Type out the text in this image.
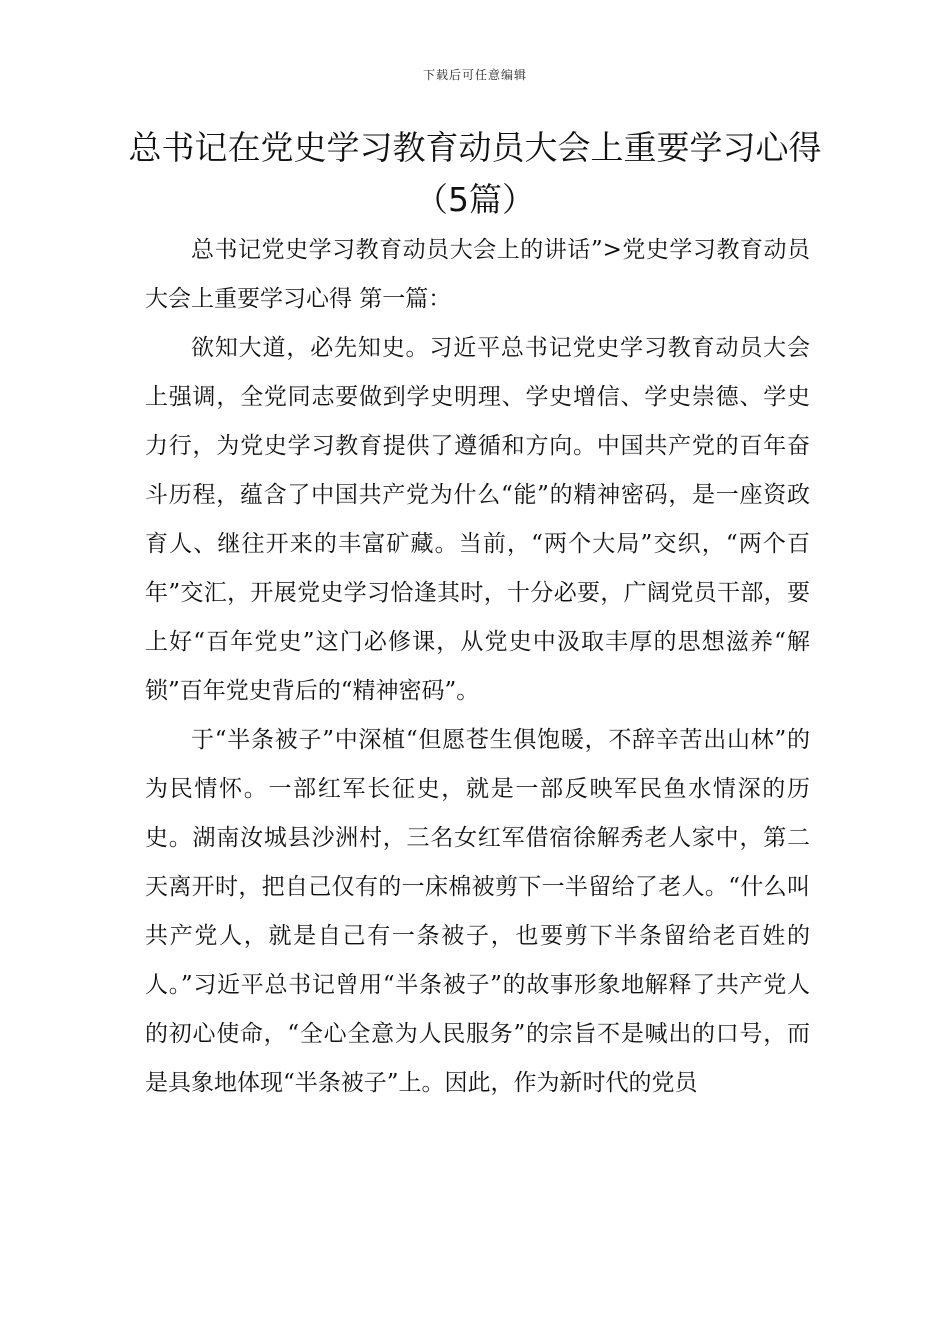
下载后可任意编辑
总书记在党史学习教育动员大会上重要学习心得（5篇）

总书记党史学习教育动员大会上的讲话”>党史学习教育动员大会上重要学习心得 第一篇：

欲知大道，必先知史。习近平总书记党史学习教育动员大会上强调，全党同志要做到学史明理、学史增信、学史崇德、学史力行，为党史学习教育提供了遵循和方向。中国共产党的百年奋斗历程，蕴含了中国共产党为什么“能”的精神密码，是一座资政育人、继往开来的丰富矿藏。当前，“两个大局”交织，“两个百年”交汇，开展党史学习恰逢其时，十分必要，广阔党员干部，要上好“百年党史”这门必修课，从党史中汲取丰厚的思想滋养“解锁”百年党史背后的“精神密码”。

于“半条被子”中深植“但愿苍生俱饱暖，不辞辛苦出山林”的为民情怀。一部红军长征史，就是一部反映军民鱼水情深的历史。湖南汝城县沙洲村，三名女红军借宿徐解秀老人家中，第二天离开时，把自己仅有的一床棉被剪下一半留给了老人。“什么叫共产党人，就是自己有一条被子，也要剪下半条留给老百姓的人。”习近平总书记曾用“半条被子”的故事形象地解释了共产党人的初心使命，“全心全意为人民服务”的宗旨不是喊出的口号，而是具象地体现“半条被子”上。因此，作为新时代的党员
